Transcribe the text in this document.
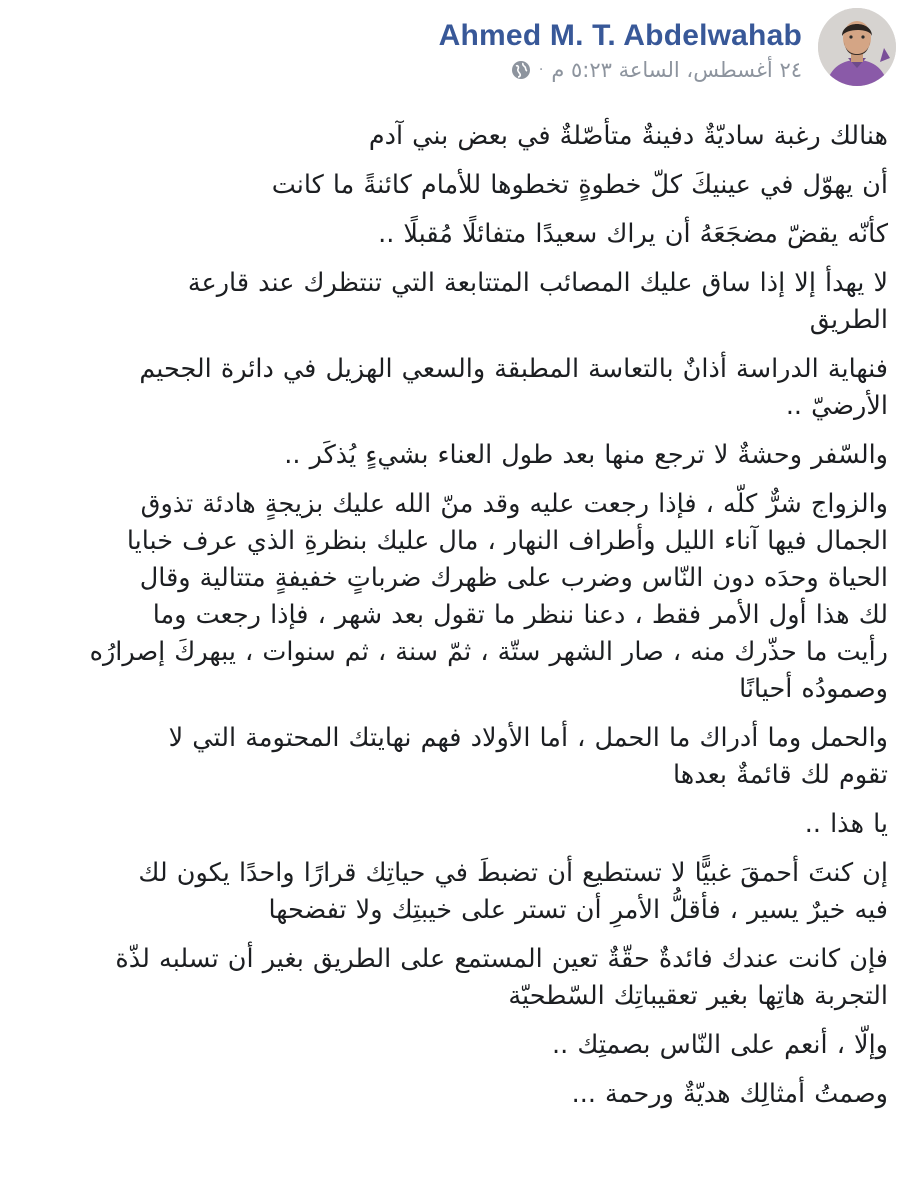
Ahmed M. T. Abdelwahab
٢٤ أغسطس، الساعة ٥:٢٣ م
·

هنالك رغبة ساديّةٌ دفينةٌ متأصّلةٌ في بعض بني آدم

أن يهوّل في عينيكَ كلّ خطوةٍ تخطوها للأمام كائنةً ما كانت

كأنّه يقضّ مضجَعَهُ أن يراك سعيدًا متفائلًا مُقبلًا ..

لا يهدأ إلا إذا ساق عليك المصائب المتتابعة التي تنتظرك عند قارعة
الطريق

فنهاية الدراسة أذانٌ بالتعاسة المطبقة والسعي الهزيل في دائرة الجحيم
الأرضيّ ..

والسّفر وحشةٌ لا ترجع منها بعد طول العناء بشيءٍ يُذكَر ..

والزواج شرٌّ كلّه ، فإذا رجعت عليه وقد منّ الله عليك بزيجةٍ هادئة تذوق
الجمال فيها آناء الليل وأطراف النهار ، مال عليك بنظرةِ الذي عرف خبايا
الحياة وحدَه دون النّاس وضرب على ظهرك ضرباتٍ خفيفةٍ متتالية وقال
لك هذا أول الأمر فقط ، دعنا ننظر ما تقول بعد شهر ، فإذا رجعت وما
رأيت ما حذّرك منه ، صار الشهر ستّة ، ثمّ سنة ، ثم سنوات ، يبهركَ إصرارُه
وصمودُه أحيانًا

والحمل وما أدراك ما الحمل ، أما الأولاد فهم نهايتك المحتومة التي لا
تقوم لك قائمةٌ بعدها

يا هذا ..

إن كنتَ أحمقَ غبيًّا لا تستطيع أن تضبطَ في حياتِك قرارًا واحدًا يكون لك
فيه خيرٌ يسير ، فأقلُّ الأمرِ أن تستر على خيبتِك ولا تفضحها

فإن كانت عندك فائدةٌ حقّةٌ تعين المستمع على الطريق بغير أن تسلبه لذّة
التجربة هاتِها بغير تعقيباتِك السّطحيّة

وإلّا ، أنعم على النّاس بصمتِك ..

وصمتُ أمثالِك هديّةٌ ورحمة ...
